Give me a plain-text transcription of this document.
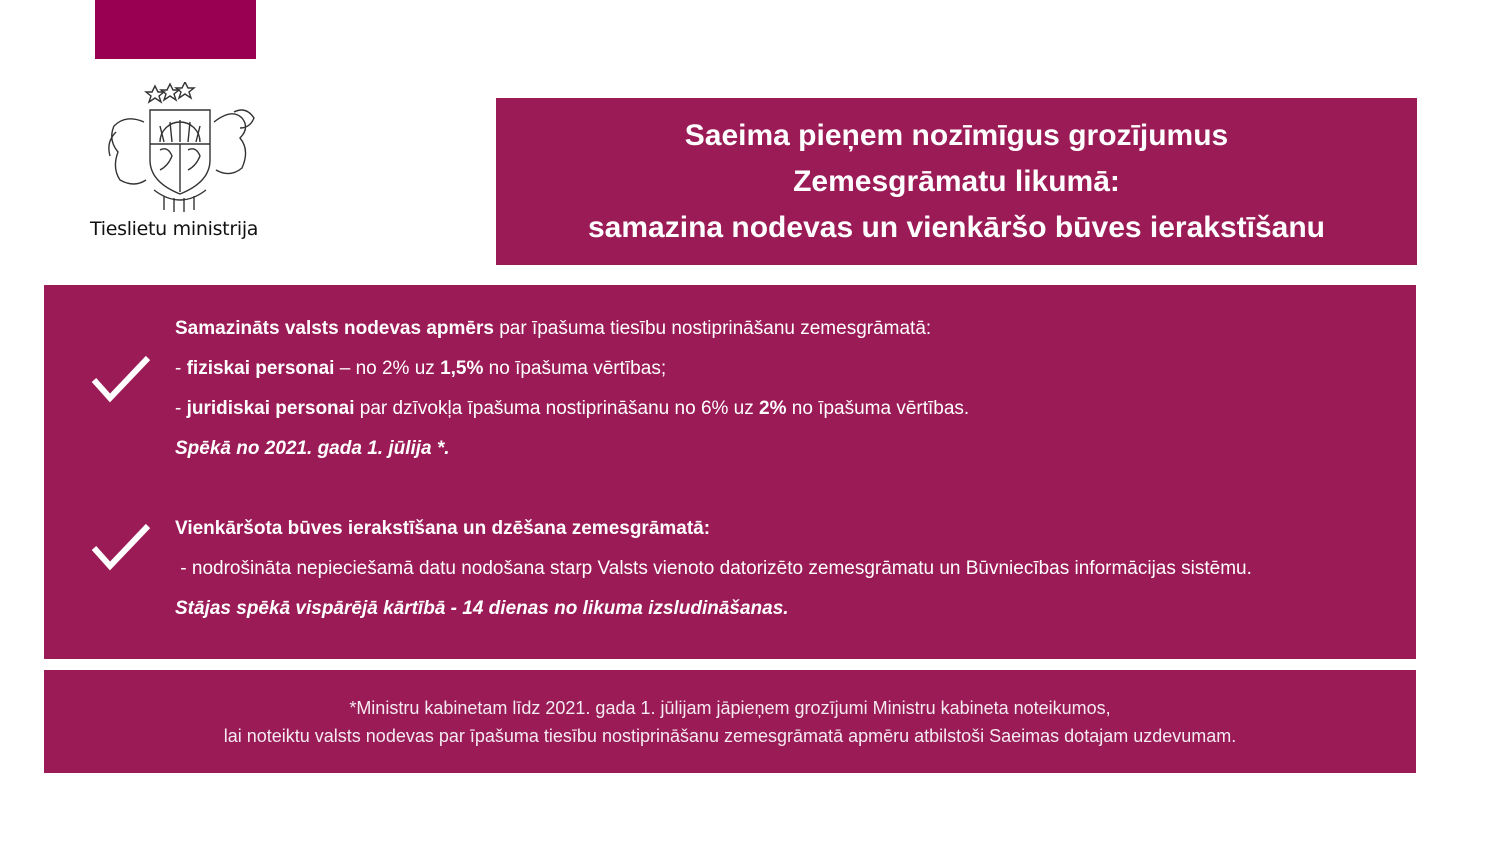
Tieslietu ministrija
Saeima pieņem nozīmīgus grozījumus
Zemesgrāmatu likumā:
samazina nodevas un vienkāršo būves ierakstīšanu
Samazināts valsts nodevas apmērs par īpašuma tiesību nostiprināšanu zemesgrāmatā:
- fiziskai personai – no 2% uz 1,5% no īpašuma vērtības;
- juridiskai personai par dzīvokļa īpašuma nostiprināšanu no 6% uz 2% no īpašuma vērtības.
Spēkā no 2021. gada 1. jūlija *.
Vienkāršota būves ierakstīšana un dzēšana zemesgrāmatā:
- nodrošināta nepieciešamā datu nodošana starp Valsts vienoto datorizēto zemesgrāmatu un Būvniecības informācijas sistēmu.
Stājas spēkā vispārējā kārtībā - 14 dienas no likuma izsludināšanas.
*Ministru kabinetam līdz 2021. gada 1. jūlijam jāpieņem grozījumi Ministru kabineta noteikumos,
lai noteiktu valsts nodevas par īpašuma tiesību nostiprināšanu zemesgrāmatā apmēru atbilstoši Saeimas dotajam uzdevumam.
